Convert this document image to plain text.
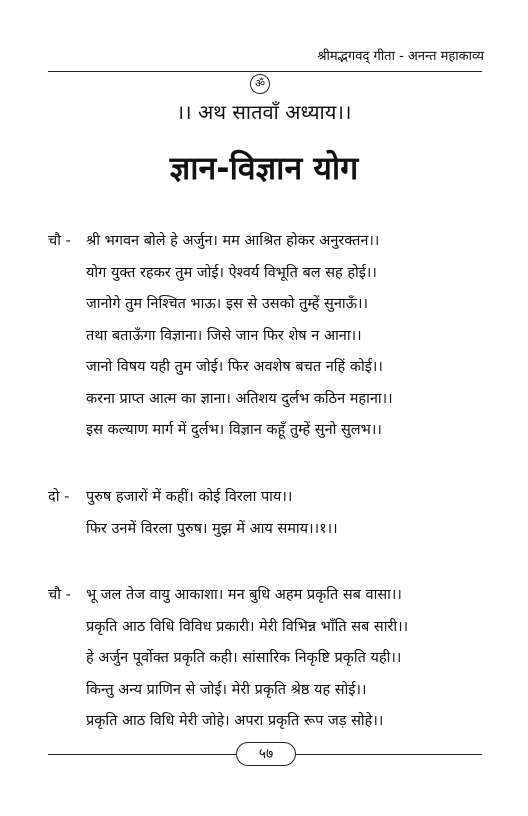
श्रीमद्भगवद् गीता - अनन्त महाकाव्य
ॐ
।। अथ सातवाँ अध्याय।।
ज्ञान-विज्ञान योग
चौ - श्री भगवन बोले हे अर्जुन। मम आश्रित होकर अनुरक्तन।।
योग युक्त रहकर तुम जोई। ऐश्वर्य विभूति बल सह होई।।
जानोगे तुम निश्चित भाऊ। इस से उसको तुम्हें सुनाऊँ।।
तथा बताऊँगा विज्ञाना। जिसे जान फिर शेष न आना।।
जानो विषय यही तुम जोई। फिर अवशेष बचत नहिं कोई।।
करना प्राप्त आत्म का ज्ञाना। अतिशय दुर्लभ कठिन महाना।।
इस कल्याण मार्ग में दुर्लभ। विज्ञान कहूँ तुम्हें सुनो सुलभ।।
दो - पुरुष हजारों में कहीं। कोई विरला पाय।।
फिर उनमें विरला पुरुष। मुझ में आय समाय।।१।।
चौ - भू जल तेज वायु आकाशा। मन बुधि अहम प्रकृति सब वासा।।
प्रकृति आठ विधि विविध प्रकारी। मेरी विभिन्न भाँति सब सारी।।
हे अर्जुन पूर्वोक्त प्रकृति कही। सांसारिक निकृष्टि प्रकृति यही।।
किन्तु अन्य प्राणिन से जोई। मेरी प्रकृति श्रेष्ठ यह सोई।।
प्रकृति आठ विधि मेरी जोहे। अपरा प्रकृति रूप जड़ सोहे।।
५७
